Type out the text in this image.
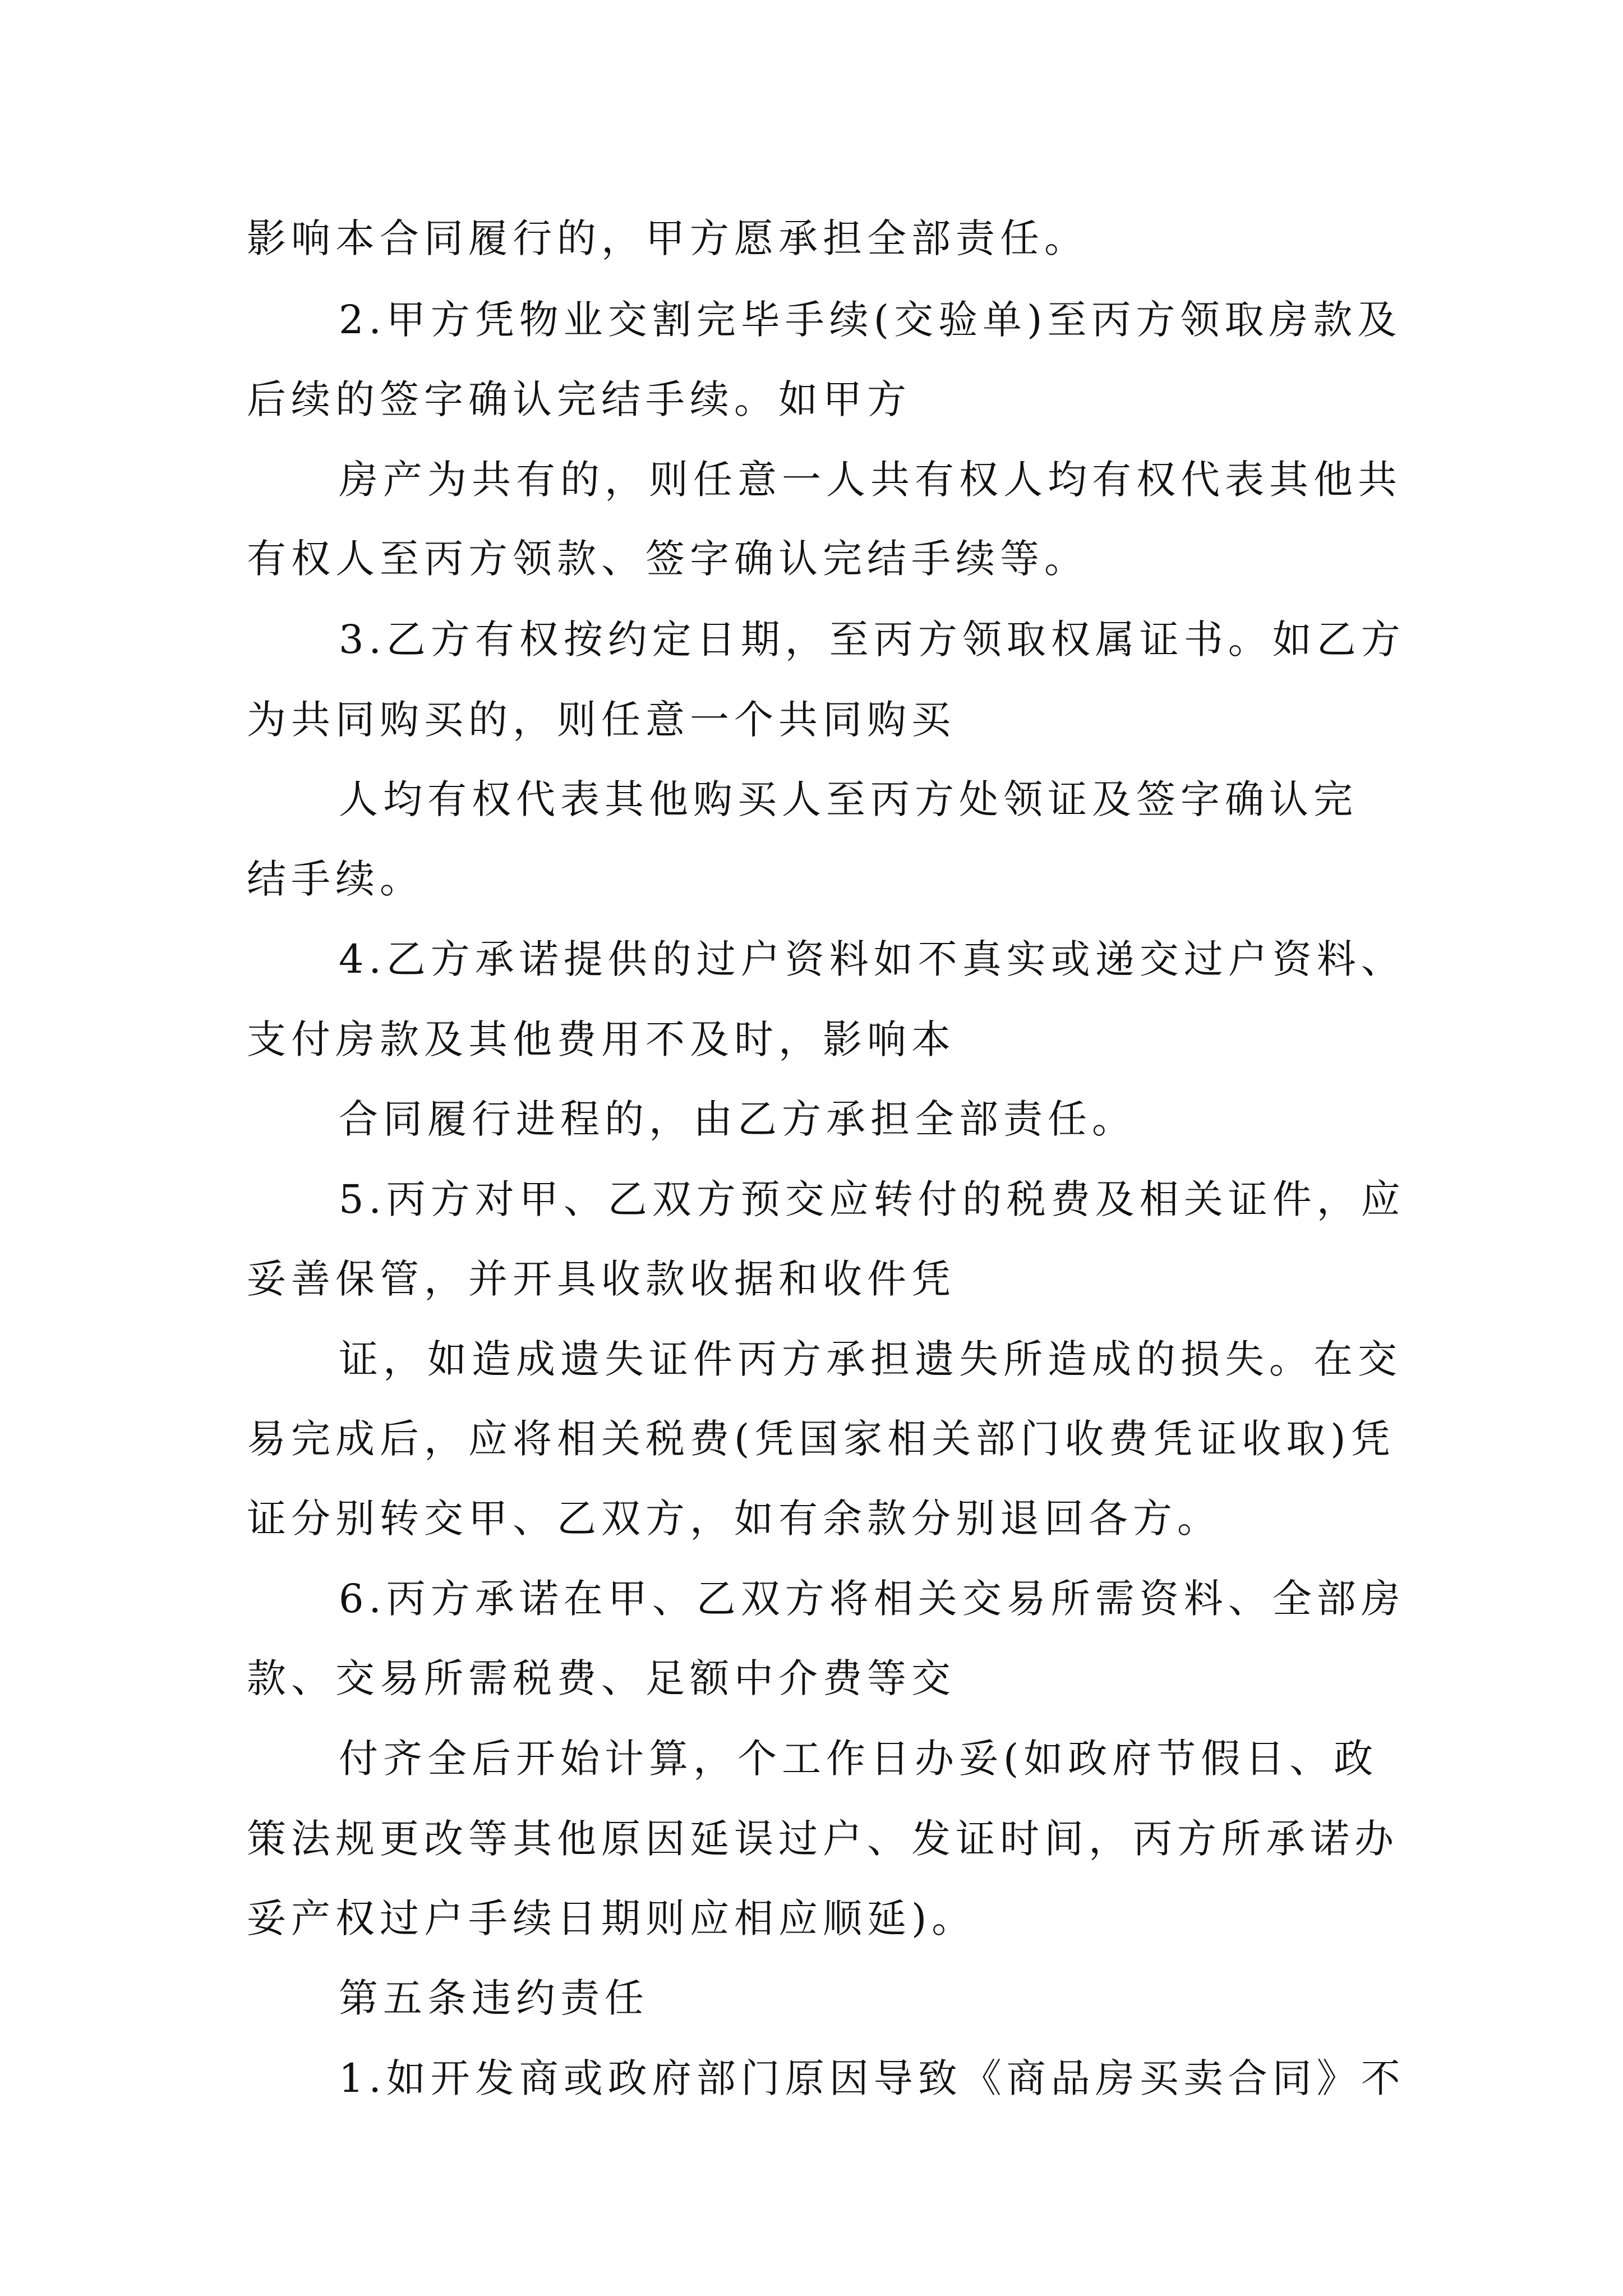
影响本合同履行的，甲方愿承担全部责任。
2.甲方凭物业交割完毕手续(交验单)至丙方领取房款及
后续的签字确认完结手续。如甲方
房产为共有的，则任意一人共有权人均有权代表其他共
有权人至丙方领款、签字确认完结手续等。
3.乙方有权按约定日期，至丙方领取权属证书。如乙方
为共同购买的，则任意一个共同购买
人均有权代表其他购买人至丙方处领证及签字确认完
结手续。
4.乙方承诺提供的过户资料如不真实或递交过户资料、
支付房款及其他费用不及时，影响本
合同履行进程的，由乙方承担全部责任。
5.丙方对甲、乙双方预交应转付的税费及相关证件，应
妥善保管，并开具收款收据和收件凭
证，如造成遗失证件丙方承担遗失所造成的损失。在交
易完成后，应将相关税费(凭国家相关部门收费凭证收取)凭
证分别转交甲、乙双方，如有余款分别退回各方。
6.丙方承诺在甲、乙双方将相关交易所需资料、全部房
款、交易所需税费、足额中介费等交
付齐全后开始计算，个工作日办妥(如政府节假日、政
策法规更改等其他原因延误过户、发证时间，丙方所承诺办
妥产权过户手续日期则应相应顺延)。
第五条违约责任
1.如开发商或政府部门原因导致《商品房买卖合同》不
